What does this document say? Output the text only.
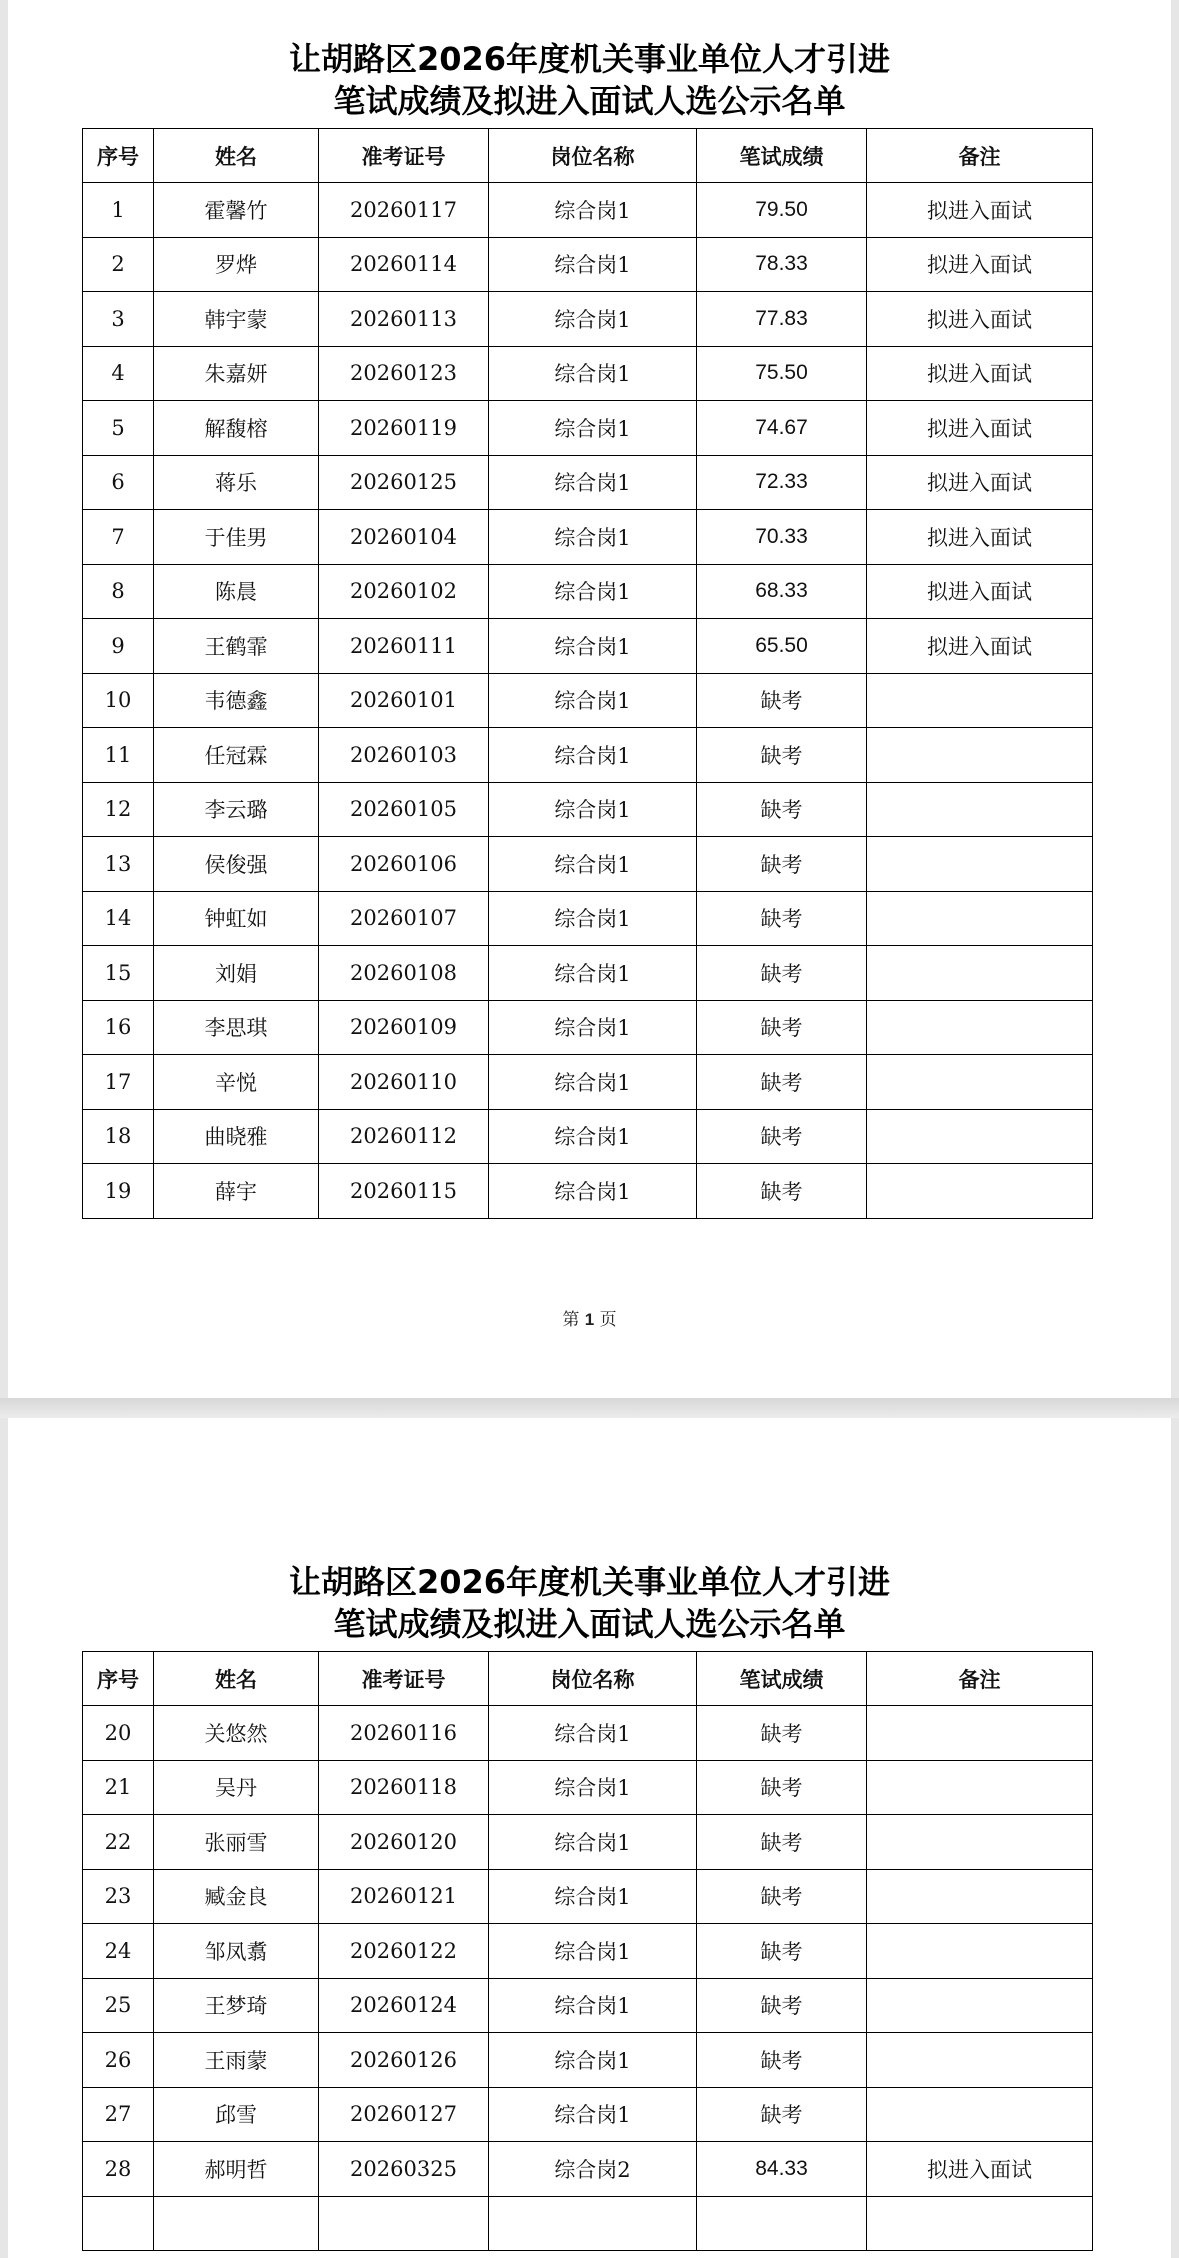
让胡路区2026年度机关事业单位人才引进
笔试成绩及拟进入面试人选公示名单
序号	姓名	准考证号	岗位名称	笔试成绩	备注
1	霍馨竹	20260117	综合岗1	79.50	拟进入面试
2	罗烨	20260114	综合岗1	78.33	拟进入面试
3	韩宇蒙	20260113	综合岗1	77.83	拟进入面试
4	朱嘉妍	20260123	综合岗1	75.50	拟进入面试
5	解馥榕	20260119	综合岗1	74.67	拟进入面试
6	蒋乐	20260125	综合岗1	72.33	拟进入面试
7	于佳男	20260104	综合岗1	70.33	拟进入面试
8	陈晨	20260102	综合岗1	68.33	拟进入面试
9	王鹤霏	20260111	综合岗1	65.50	拟进入面试
10	韦德鑫	20260101	综合岗1	缺考	
11	任冠霖	20260103	综合岗1	缺考	
12	李云璐	20260105	综合岗1	缺考	
13	侯俊强	20260106	综合岗1	缺考	
14	钟虹如	20260107	综合岗1	缺考	
15	刘娟	20260108	综合岗1	缺考	
16	李思琪	20260109	综合岗1	缺考	
17	辛悦	20260110	综合岗1	缺考	
18	曲晓雅	20260112	综合岗1	缺考	
19	薛宇	20260115	综合岗1	缺考	
第 1 页
让胡路区2026年度机关事业单位人才引进
笔试成绩及拟进入面试人选公示名单
序号	姓名	准考证号	岗位名称	笔试成绩	备注
20	关悠然	20260116	综合岗1	缺考	
21	吴丹	20260118	综合岗1	缺考	
22	张丽雪	20260120	综合岗1	缺考	
23	臧金良	20260121	综合岗1	缺考	
24	邹凤翥	20260122	综合岗1	缺考	
25	王梦琦	20260124	综合岗1	缺考	
26	王雨蒙	20260126	综合岗1	缺考	
27	邱雪	20260127	综合岗1	缺考	
28	郝明哲	20260325	综合岗2	84.33	拟进入面试
